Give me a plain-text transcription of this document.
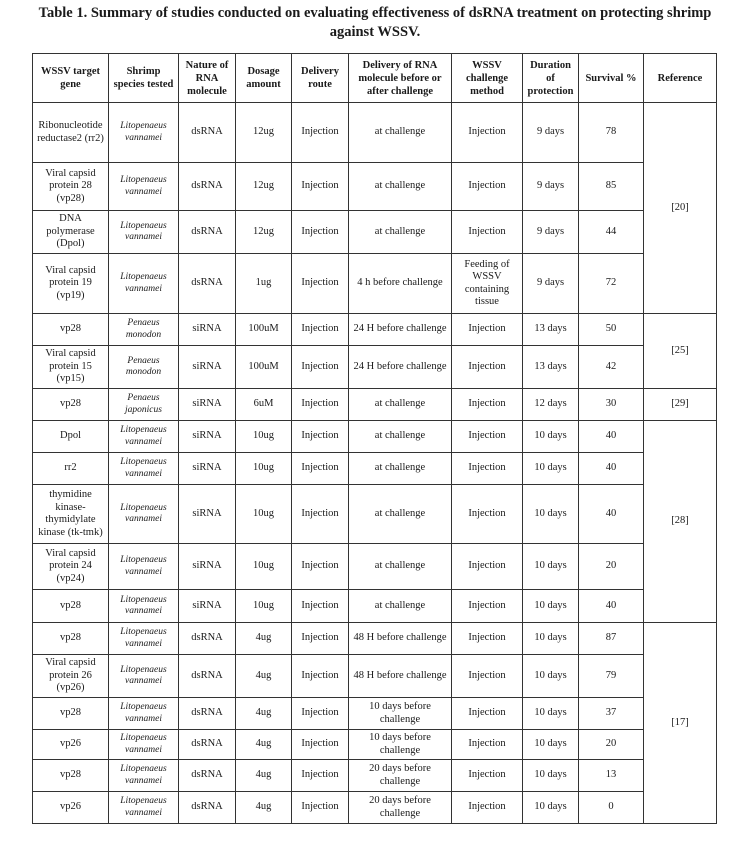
Table 1. Summary of studies conducted on evaluating effectiveness of dsRNA treatment on protecting shrimp
against WSSV.
WSSV target gene	Shrimp species tested	Nature of RNA molecule	Dosage amount	Delivery route	Delivery of RNA molecule before or after challenge	WSSV challenge method	Duration of protection	Survival %	Reference
Ribonucleotide reductase2 (rr2)	Litopenaeus vannamei	dsRNA	12ug	Injection	at challenge	Injection	9 days	78	[20]
Viral capsid protein 28 (vp28)	Litopenaeus vannamei	dsRNA	12ug	Injection	at challenge	Injection	9 days	85	
DNA polymerase (Dpol)	Litopenaeus vannamei	dsRNA	12ug	Injection	at challenge	Injection	9 days	44	
Viral capsid protein 19 (vp19)	Litopenaeus vannamei	dsRNA	1ug	Injection	4 h before challenge	Feeding of WSSV containing tissue	9 days	72	
vp28	Penaeus monodon	siRNA	100uM	Injection	24 H before challenge	Injection	13 days	50	[25]
Viral capsid protein 15 (vp15)	Penaeus monodon	siRNA	100uM	Injection	24 H before challenge	Injection	13 days	42	
vp28	Penaeus japonicus	siRNA	6uM	Injection	at challenge	Injection	12 days	30	[29]
Dpol	Litopenaeus vannamei	siRNA	10ug	Injection	at challenge	Injection	10 days	40	[28]
rr2	Litopenaeus vannamei	siRNA	10ug	Injection	at challenge	Injection	10 days	40	
thymidine kinase-thymidylate kinase (tk-tmk)	Litopenaeus vannamei	siRNA	10ug	Injection	at challenge	Injection	10 days	40	
Viral capsid protein 24 (vp24)	Litopenaeus vannamei	siRNA	10ug	Injection	at challenge	Injection	10 days	20	
vp28	Litopenaeus vannamei	siRNA	10ug	Injection	at challenge	Injection	10 days	40	
vp28	Litopenaeus vannamei	dsRNA	4ug	Injection	48 H before challenge	Injection	10 days	87	[17]
Viral capsid protein 26 (vp26)	Litopenaeus vannamei	dsRNA	4ug	Injection	48 H before challenge	Injection	10 days	79	
vp28	Litopenaeus vannamei	dsRNA	4ug	Injection	10 days before challenge	Injection	10 days	37	
vp26	Litopenaeus vannamei	dsRNA	4ug	Injection	10 days before challenge	Injection	10 days	20	
vp28	Litopenaeus vannamei	dsRNA	4ug	Injection	20 days before challenge	Injection	10 days	13	
vp26	Litopenaeus vannamei	dsRNA	4ug	Injection	20 days before challenge	Injection	10 days	0	
